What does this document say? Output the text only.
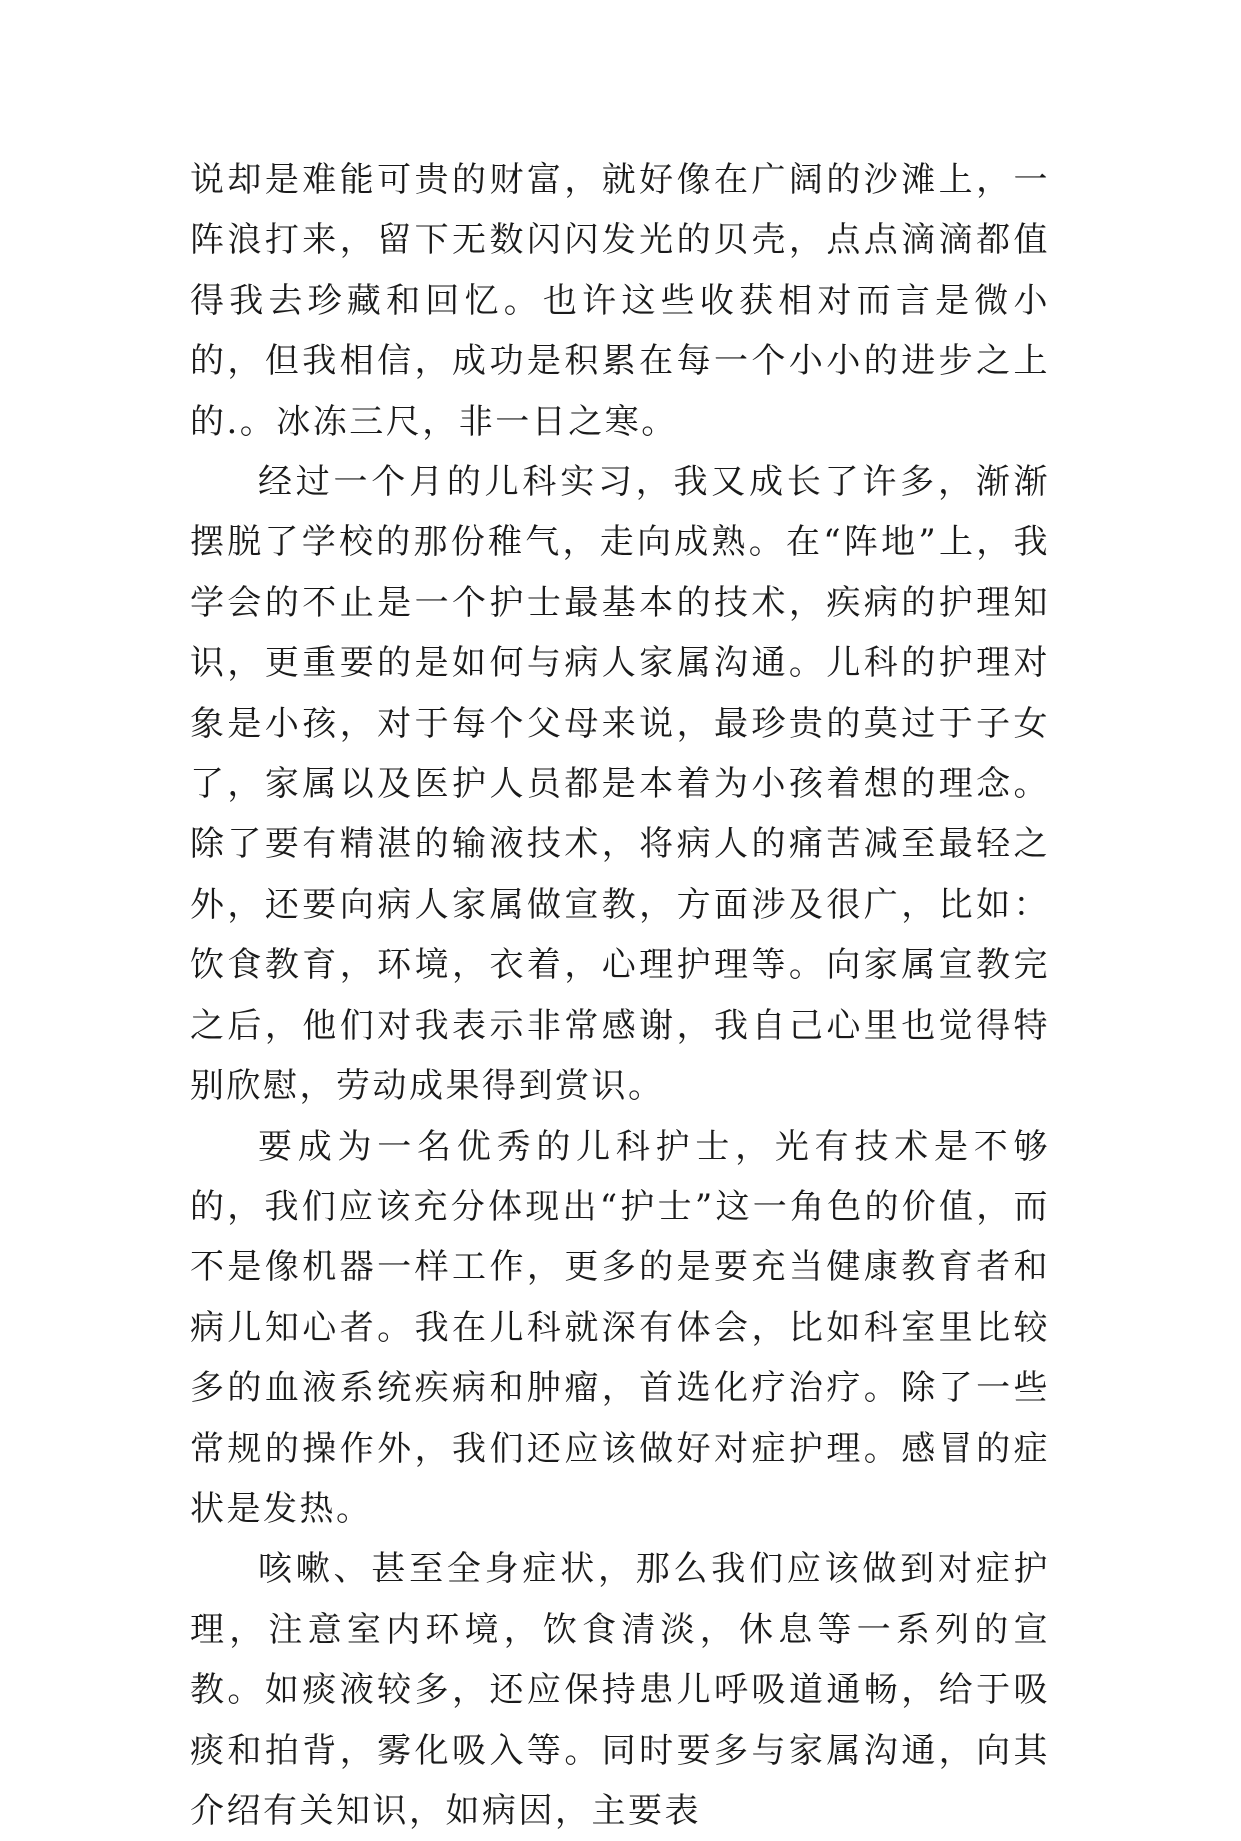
说却是难能可贵的财富，就好像在广阔的沙滩上，一阵浪打来，留下无数闪闪发光的贝壳，点点滴滴都值得我去珍藏和回忆。也许这些收获相对而言是微小的，但我相信，成功是积累在每一个小小的进步之上的.。冰冻三尺，非一日之寒。

经过一个月的儿科实习，我又成长了许多，渐渐摆脱了学校的那份稚气，走向成熟。在“阵地”上，我学会的不止是一个护士最基本的技术，疾病的护理知识，更重要的是如何与病人家属沟通。儿科的护理对象是小孩，对于每个父母来说，最珍贵的莫过于子女了，家属以及医护人员都是本着为小孩着想的理念。除了要有精湛的输液技术，将病人的痛苦减至最轻之外，还要向病人家属做宣教，方面涉及很广，比如：饮食教育，环境，衣着，心理护理等。向家属宣教完之后，他们对我表示非常感谢，我自己心里也觉得特别欣慰，劳动成果得到赏识。

要成为一名优秀的儿科护士，光有技术是不够的，我们应该充分体现出“护士”这一角色的价值，而不是像机器一样工作，更多的是要充当健康教育者和病儿知心者。我在儿科就深有体会，比如科室里比较多的血液系统疾病和肿瘤，首选化疗治疗。除了一些常规的操作外，我们还应该做好对症护理。感冒的症状是发热。

咳嗽、甚至全身症状，那么我们应该做到对症护理，注意室内环境，饮食清淡，休息等一系列的宣教。如痰液较多，还应保持患儿呼吸道通畅，给于吸痰和拍背，雾化吸入等。同时要多与家属沟通，向其介绍有关知识，如病因，主要表
